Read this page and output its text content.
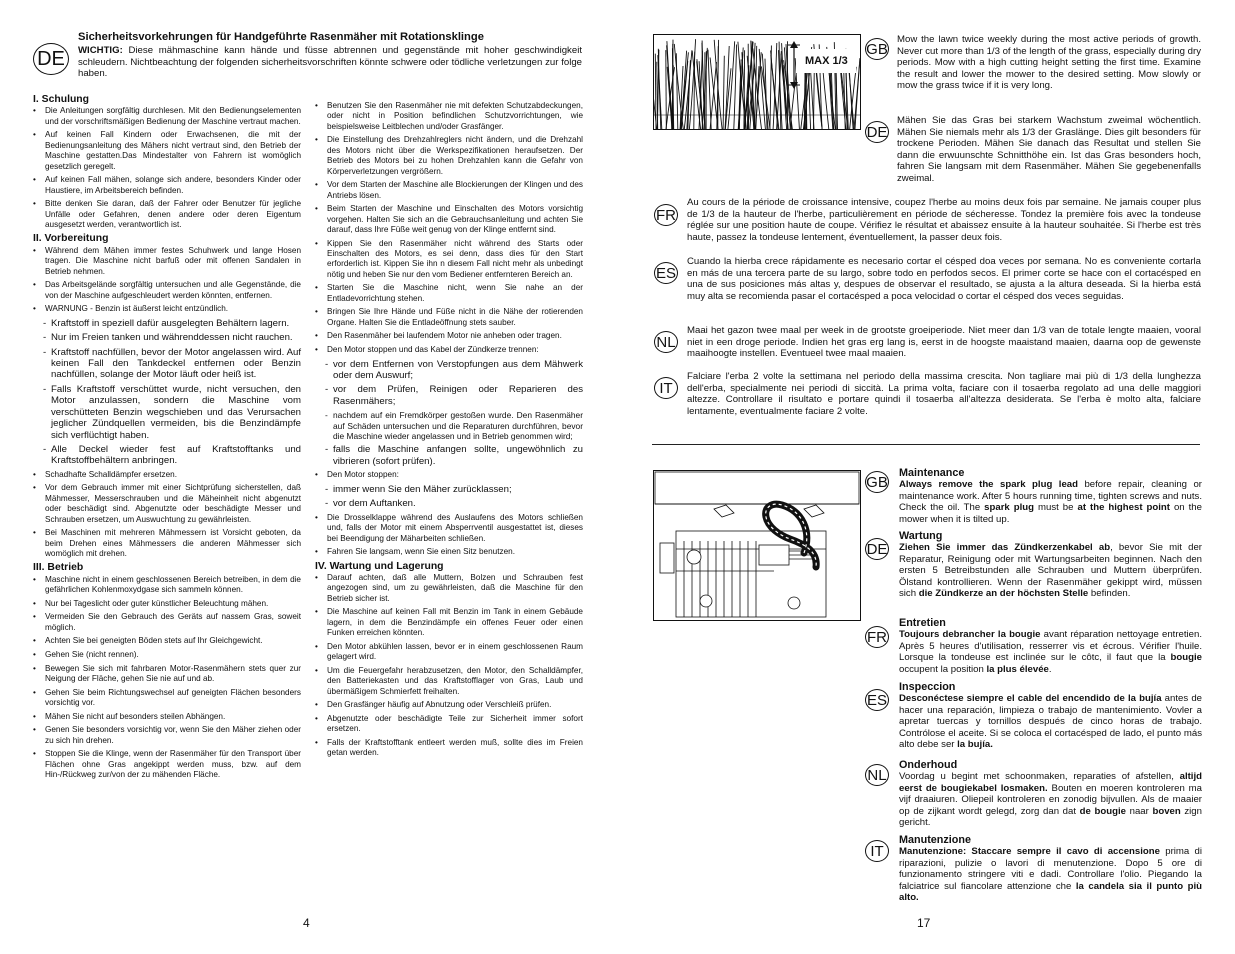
DE
Sicherheitsvorkehrungen für Handgeführte Rasenmäher mit Rotationsklinge
WICHTIG: Diese mähmaschine kann hände und füsse abtrennen und gegenstände mit hoher geschwindigkeit schleudern. Nichtbeachtung der folgenden sicherheitsvorschriften könnte schwere oder tödliche verletzungen zur folge haben.
I. Schulung
• Die Anleitungen sorgfältig durchlesen. Mit den Bedienungselementen und der vorschriftsmäßigen Bedienung der Maschine vertraut machen.
• Auf keinen Fall Kindern oder Erwachsenen, die mit der Bedienungsanleitung des Mähers nicht vertraut sind, den Betrieb der Maschine gestatten.Das Mindestalter von Fahrern ist womöglich gesetzlich geregelt.
• Auf keinen Fall mähen, solange sich andere, besonders Kinder oder Haustiere, im Arbeitsbereich befinden.
• Bitte denken Sie daran, daß der Fahrer oder Benutzer für jegliche Unfälle oder Gefahren, denen andere oder deren Eigentum ausgesetzt werden, verantwortlich ist.
II. Vorbereitung
• Während dem Mähen immer festes Schuhwerk und lange Hosen tragen. Die Maschine nicht barfuß oder mit offenen Sandalen in Betrieb nehmen.
• Das Arbeitsgelände sorgfältig untersuchen und alle Gegenstände, die von der Maschine aufgeschleudert werden könnten, entfernen.
• WARNUNG - Benzin ist äußerst leicht entzündlich.
- Kraftstoff in speziell dafür ausgelegten Behältern lagern.
- Nur im Freien tanken und währenddessen nicht rauchen.
- Kraftstoff nachfüllen, bevor der Motor angelassen wird. Auf keinen Fall den Tankdeckel entfernen oder Benzin nachfüllen, solange der Motor läuft oder heiß ist.
- Falls Kraftstoff verschüttet wurde, nicht versuchen, den Motor anzulassen, sondern die Maschine vom verschütteten Benzin wegschieben und das Verursachen jeglicher Zündquellen vermeiden, bis die Benzindämpfe sich verflüchtigt haben.
- Alle Deckel wieder fest auf Kraftstofftanks und Kraftstoffbehältern anbringen.
• Schadhafte Schalldämpfer ersetzen.
• Vor dem Gebrauch immer mit einer Sichtprüfung sicherstellen, daß Mähmesser, Messerschrauben und die Mäheinheit nicht abgenutzt oder beschädigt sind. Abgenutzte oder beschädigte Messer und Schrauben ersetzen, um Auswuchtung zu gewährleisten.
• Bei Maschinen mit mehreren Mähmessern ist Vorsicht geboten, da beim Drehen eines Mähmessers die anderen Mähmesser sich womöglich mit drehen.
III. Betrieb
• Maschine nicht in einem geschlossenen Bereich betreiben, in dem die gefährlichen Kohlenmoxydgase sich sammeln können.
• Nur bei Tageslicht oder guter künstlicher Beleuchtung mähen.
• Vermeiden Sie den Gebrauch des Geräts auf nassem Gras, soweit möglich.
• Achten Sie bei geneigten Böden stets auf Ihr Gleichgewicht.
• Gehen Sie (nicht rennen).
• Bewegen Sie sich mit fahrbaren Motor-Rasenmähern stets quer zur Neigung der Fläche, gehen Sie nie auf und ab.
• Gehen Sie beim Richtungswechsel auf geneigten Flächen besonders vorsichtig vor.
• Mähen Sie nicht auf besonders steilen Abhängen.
• Genen Sie besonders vorsichtig vor, wenn Sie den Mäher ziehen oder zu sich hin drehen.
• Stoppen Sie die Klinge, wenn der Rasenmäher für den Transport über Flächen ohne Gras angekippt werden muss, bzw. auf dem Hin-/Rückweg zur/von der zu mähenden Fläche.
• Benutzen Sie den Rasenmäher nie mit defekten Schutzabdeckungen, oder nicht in Position befindlichen Schutzvorrichtungen, wie beispielsweise Leitblechen und/oder Grasfänger.
• Die Einstellung des Drehzahlreglers nicht ändern, und die Drehzahl des Motors nicht über die Werkspezifikationen heraufsetzen. Der Betrieb des Motors bei zu hohen Drehzahlen kann die Gefahr von Körperverletzungen vergrößern.
• Vor dem Starten der Maschine alle Blockierungen der Klingen und des Antriebs lösen.
• Beim Starten der Maschine und Einschalten des Motors vorsichtig vorgehen. Halten Sie sich an die Gebrauchsanleitung und achten Sie darauf, dass Ihre Füße weit genug von der Klinge entfernt sind.
• Kippen Sie den Rasenmäher nicht während des Starts oder Einschalten des Motors, es sei denn, dass dies für den Start erforderlich ist. Kippen Sie ihn n diesem Fall nicht mehr als unbedingt nötig und heben Sie nur den vom Bediener entfernteren Bereich an.
• Starten Sie die Maschine nicht, wenn Sie nahe an der Entladevorrichtung stehen.
• Bringen Sie Ihre Hände und Füße nicht in die Nähe der rotierenden Organe. Halten Sie die Entladeöffnung stets sauber.
• Den Rasenmäher bei laufendem Motor nie anheben oder tragen.
• Den Motor stoppen und das Kabel der Zündkerze trennen:
- vor dem Entfernen von Verstopfungen aus dem Mähwerk oder dem Auswurf;
- vor dem Prüfen, Reinigen oder Reparieren des Rasenmähers;
- nachdem auf ein Fremdkörper gestoßen wurde. Den Rasenmäher auf Schäden untersuchen und die Reparaturen durchführen, bevor die Maschine wieder angelassen und in Betrieb genommen wird;
- falls die Maschine anfangen sollte, ungewöhnlich zu vibrieren (sofort prüfen).
• Den Motor stoppen:
- immer wenn Sie den Mäher zurücklassen;
- vor dem Auftanken.
• Die Drosselklappe während des Auslaufens des Motors schließen und, falls der Motor mit einem Absperrventil ausgestattet ist, dieses bei Beendigung der Mäharbeiten schließen.
• Fahren Sie langsam, wenn Sie einen Sitz benutzen.
IV. Wartung und Lagerung
• Darauf achten, daß alle Muttern, Bolzen und Schrauben fest angezogen sind, um zu gewährleisten, daß die Maschine für den Betrieb sicher ist.
• Die Maschine auf keinen Fall mit Benzin im Tank in einem Gebäude lagern, in dem die Benzindämpfe ein offenes Feuer oder einen Funken erreichen könnten.
• Den Motor abkühlen lassen, bevor er in einem geschlossenen Raum gelagert wird.
• Um die Feuergefahr herabzusetzen, den Motor, den Schalldämpfer, den Batteriekasten und das Kraftstofflager von Gras, Laub und übermäßigem Schmierfett freihalten.
• Den Grasfänger häufig auf Abnutzung oder Verschleiß prüfen.
• Abgenutzte oder beschädigte Teile zur Sicherheit immer sofort ersetzen.
• Falls der Kraftstofftank entleert werden muß, sollte dies im Freien getan werden.
4
MAX 1/3
GB
Mow the lawn twice weekly during the most active periods of growth. Never cut more than 1/3 of the length of the grass, especially during dry periods. Mow with a high cutting height setting the first time. Examine the result and lower the mower to the desired setting. Mow slowly or mow the grass twice if it is very long.
DE
Mähen Sie das Gras bei starkem Wachstum zweimal wöchentlich. Mähen Sie niemals mehr als 1/3 der Graslänge. Dies gilt besonders für trockene Perioden. Mähen Sie danach das Resultat und stellen Sie dann die erwuunschte Schnitthöhe ein. Ist das Gras besonders hoch, fahren Sie langsam mit dem Rasenmäher. Mähen Sie gegebenenfalls zweimal.
FR
Au cours de la période de croissance intensive, coupez l'herbe au moins deux fois par semaine. Ne jamais couper plus de 1/3 de la hauteur de l'herbe, particulièrement en période de sécheresse. Tondez la première fois avec la tondeuse réglée sur une position haute de coupe. Vérifiez le résultat et abaissez ensuite à la hauteur souhaitée. Si l'herbe est très haute, passez la tondeuse lentement, éventuellement, la passer deux fois.
ES
Cuando la hierba crece rápidamente es necesario cortar el césped doa veces por semana. No es conveniente cortarla en más de una tercera parte de su largo, sobre todo en perfodos secos. El primer corte se hace con el cortacésped en una de sus posiciones más altas y, despues de observar el resultado, se ajusta a la altura deseada. Si la hierba está muy alta se recomienda pasar el cortacésped a poca velocidad o cortar el césped dos veces seguidas.
NL
Maai het gazon twee maal per week in de grootste groeiperiode. Niet meer dan 1/3 van de totale lengte maaien, vooral niet in een droge periode. Indien het gras erg lang is, eerst in de hoogste maaistand maaien, daarna oop de gewenste maaihoogte instellen. Eventueel twee maal maaien.
IT
Falciare l'erba 2 volte la settimana nel periodo della massima crescita. Non tagliare mai più di 1/3 della lunghezza dell'erba, specialmente nei periodi di siccità. La prima volta, faciare con il tosaerba regolato ad una delle maggiori altezze. Controllare il risultato e portare quindi il tosaerba all'altezza desiderata. Se l'erba è molto alta, falciare lentamente, eventualmente faciare 2 volte.
GB
Maintenance
Always remove the spark plug lead before repair, cleaning or maintenance work. After 5 hours running time, tighten screws and nuts. Check the oil. The spark plug must be at the highest point on the mower when it is tilted up.
DE
Wartung
Ziehen Sie immer das Zündkerzenkabel ab, bevor Sie mit der Reparatur, Reinigung oder mit Wartungsarbeiten beginnen. Nach den ersten 5 Betreibstunden alle Schrauben und Muttern überprüfen. Ölstand kontrollieren. Wenn der Rasenmäher gekippt wird, müssen sich die Zündkerze an der höchsten Stelle befinden.
FR
Entretien
Toujours debrancher la bougie avant réparation nettoyage entretien. Après 5 heures d'utilisation, resserrer vis et écrous. Vérifier l'huile. Lorsque la tondeuse est inclinée sur le côtc, il faut que la bougie occupent la position la plus élevée.
ES
Inspeccion
Desconéctese siempre el cable del encendido de la bujía antes de hacer una reparación, limpieza o trabajo de mantenimiento. Vovler a apretar tuercas y tornillos después de cinco horas de trabajo. Contrólose el aceite. Si se coloca el cortacésped de lado, el punto más alto debe ser la bujía.
NL
Onderhoud
Voordag u begint met schoonmaken, reparaties of afstellen, altijd eerst de bougiekabel losmaken. Bouten en moeren kontroleren ma vijf draaiuren. Oliepeil kontroleren en zonodig bijvullen. Als de maaier op de zijkant wordt gelegd, zorg dan dat de bougie naar boven zign gericht.
IT
Manutenzione
Manutenzione: Staccare sempre il cavo di accensione prima di riparazioni, pulizie o lavori di menutenzione. Dopo 5 ore di funzionamento stringere viti e dadi. Controllare l'olio. Piegando la falciatrice sul fiancolare attenzione che la candela sia il punto più alto.
17
